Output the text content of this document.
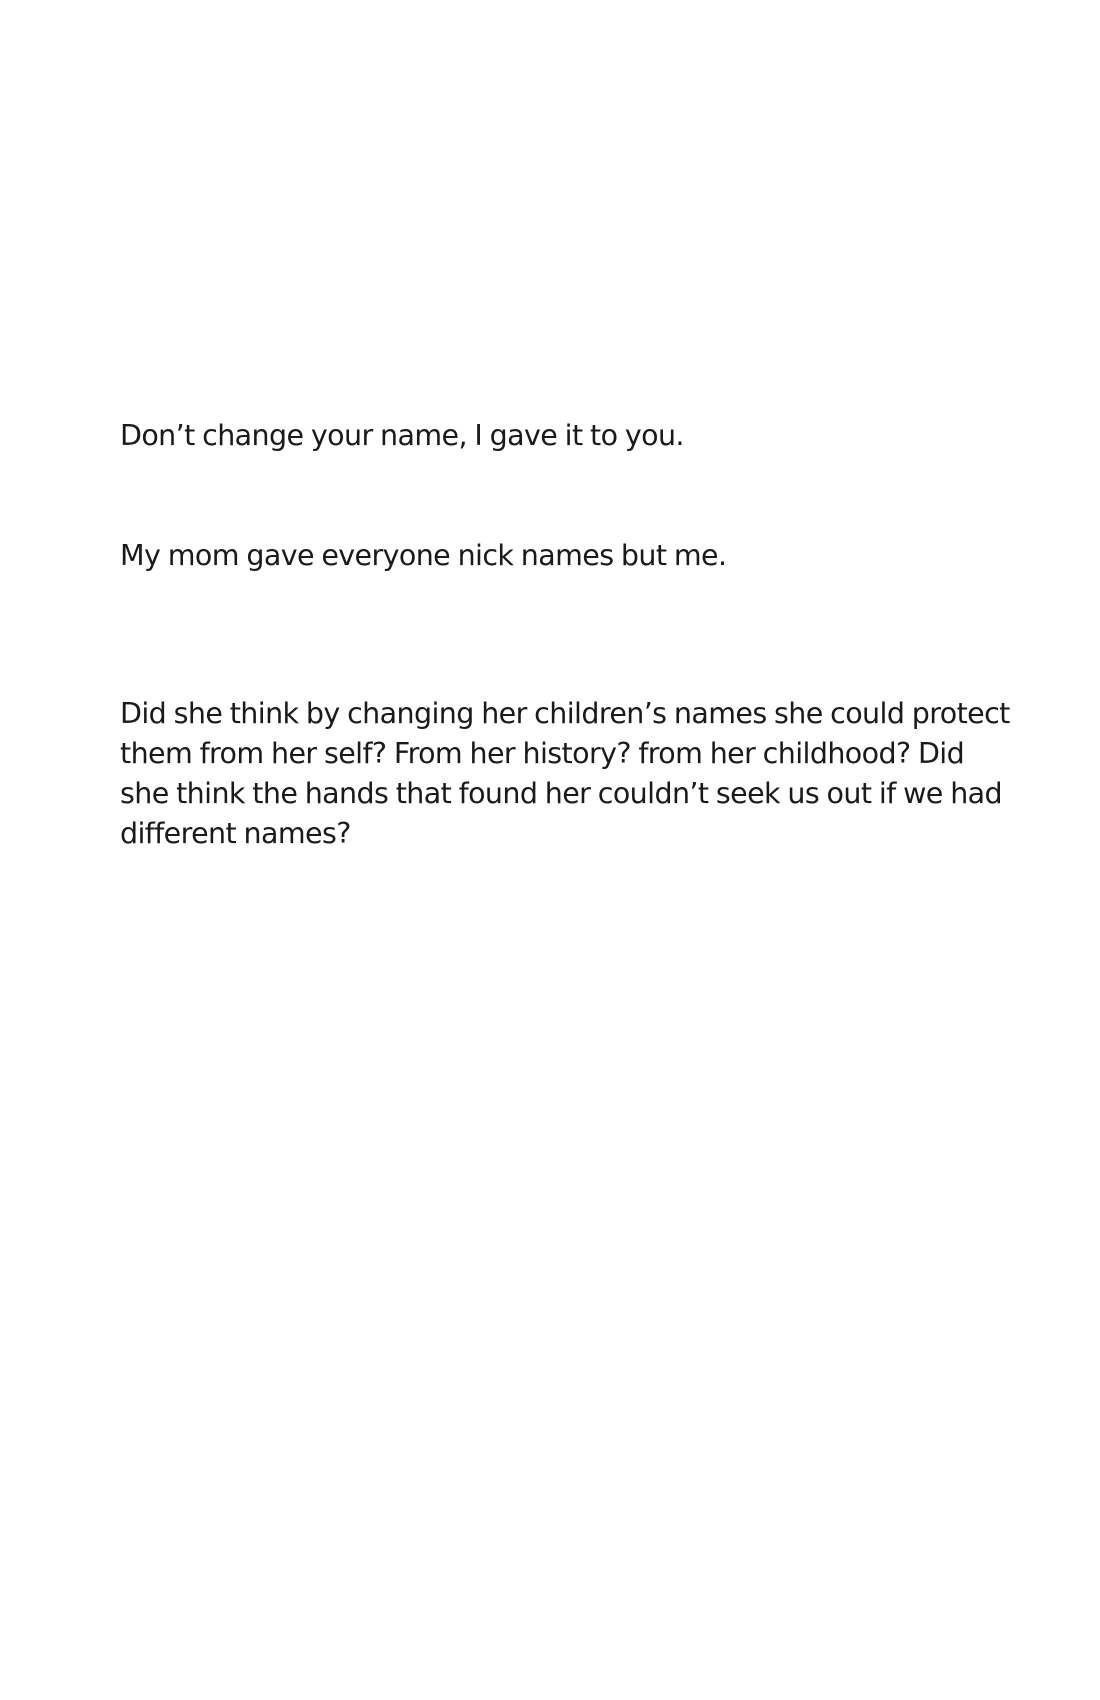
Don’t change your name, I gave it to you.

My mom gave everyone nick names but me.

Did she think by changing her children’s names she could protect
them from her self? From her history? from her childhood? Did
she think the hands that found her couldn’t seek us out if we had
different names?
